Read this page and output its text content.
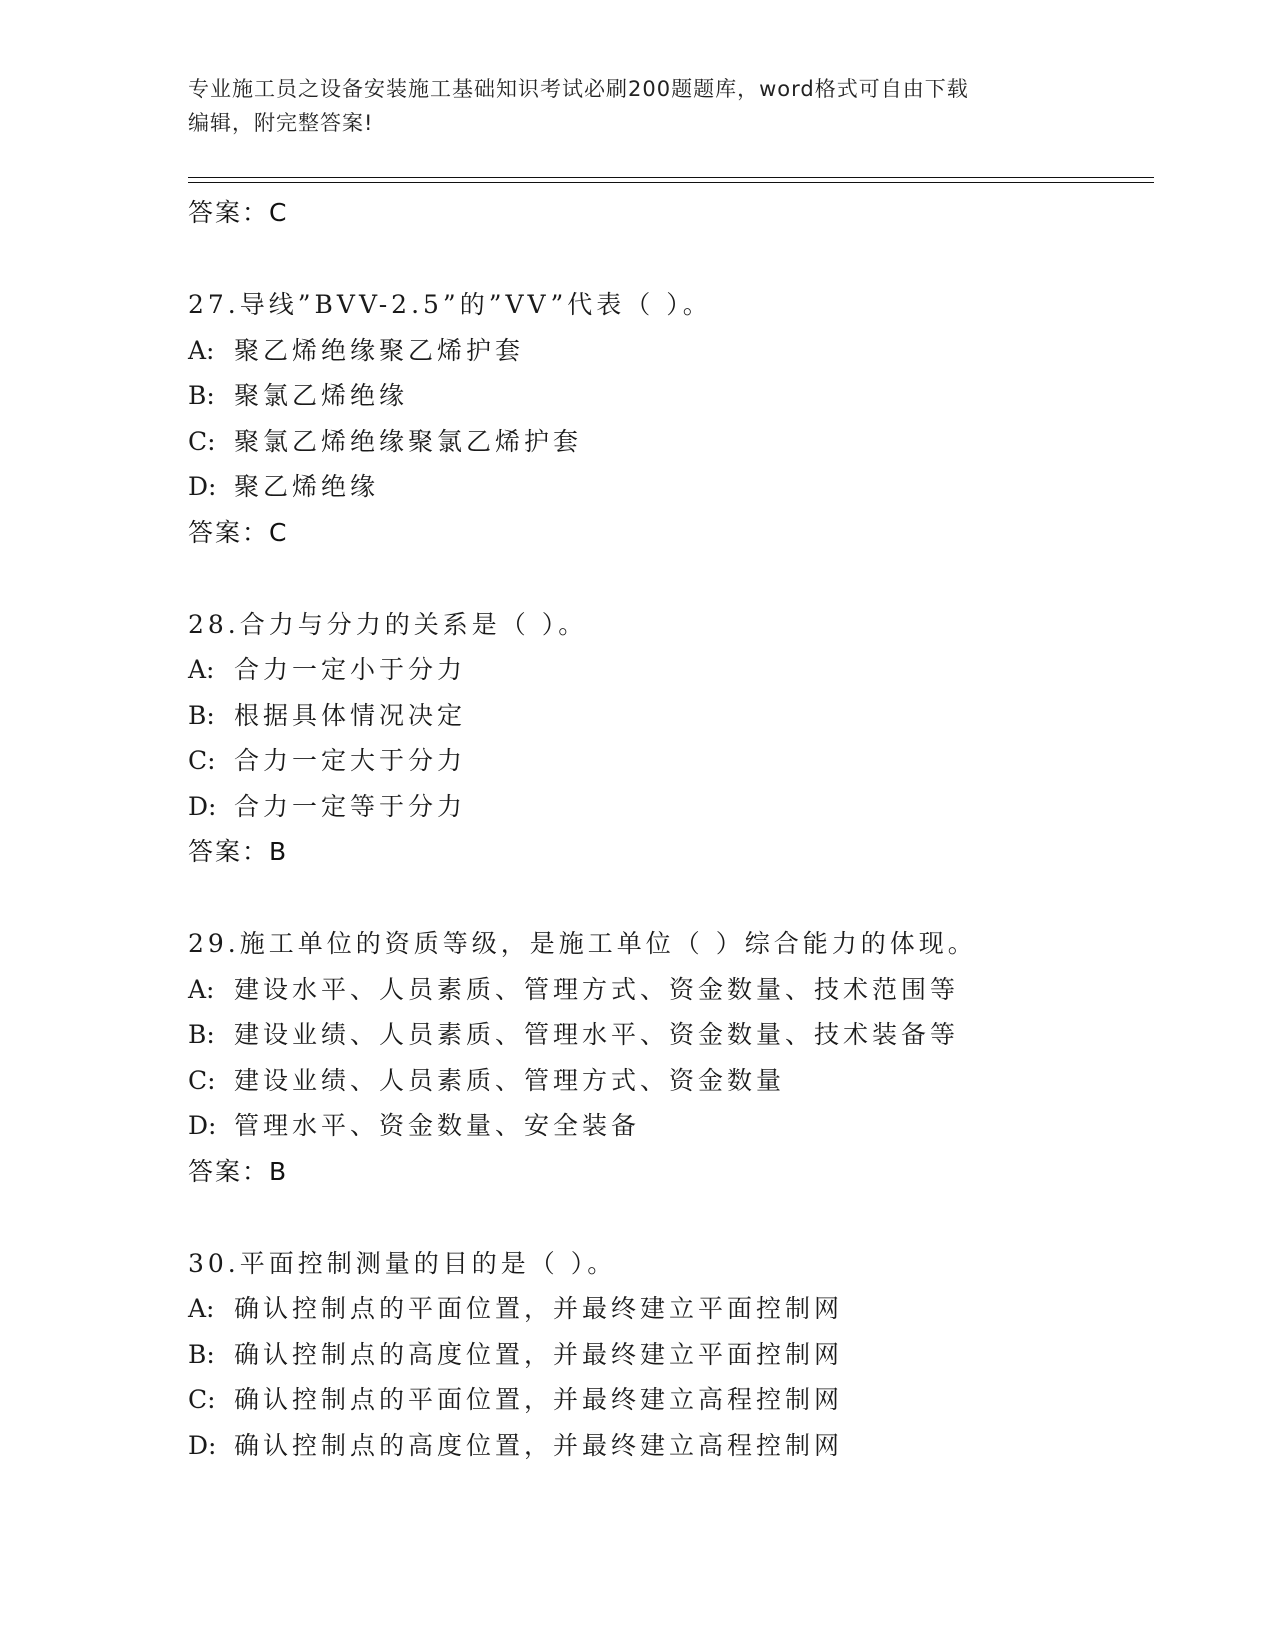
专业施工员之设备安装施工基础知识考试必刷200题题库，word格式可自由下载
编辑，附完整答案!
答案：C
27.导线”BVV-2.5”的”VV”代表（ ）。
A: 聚乙烯绝缘聚乙烯护套
B: 聚氯乙烯绝缘
C: 聚氯乙烯绝缘聚氯乙烯护套
D: 聚乙烯绝缘
答案：C
28.合力与分力的关系是（ ）。
A: 合力一定小于分力
B: 根据具体情况决定
C: 合力一定大于分力
D: 合力一定等于分力
答案：B
29.施工单位的资质等级，是施工单位（ ）综合能力的体现。
A: 建设水平、人员素质、管理方式、资金数量、技术范围等
B: 建设业绩、人员素质、管理水平、资金数量、技术装备等
C: 建设业绩、人员素质、管理方式、资金数量
D: 管理水平、资金数量、安全装备
答案：B
30.平面控制测量的目的是（ ）。
A: 确认控制点的平面位置，并最终建立平面控制网
B: 确认控制点的高度位置，并最终建立平面控制网
C: 确认控制点的平面位置，并最终建立高程控制网
D: 确认控制点的高度位置，并最终建立高程控制网
